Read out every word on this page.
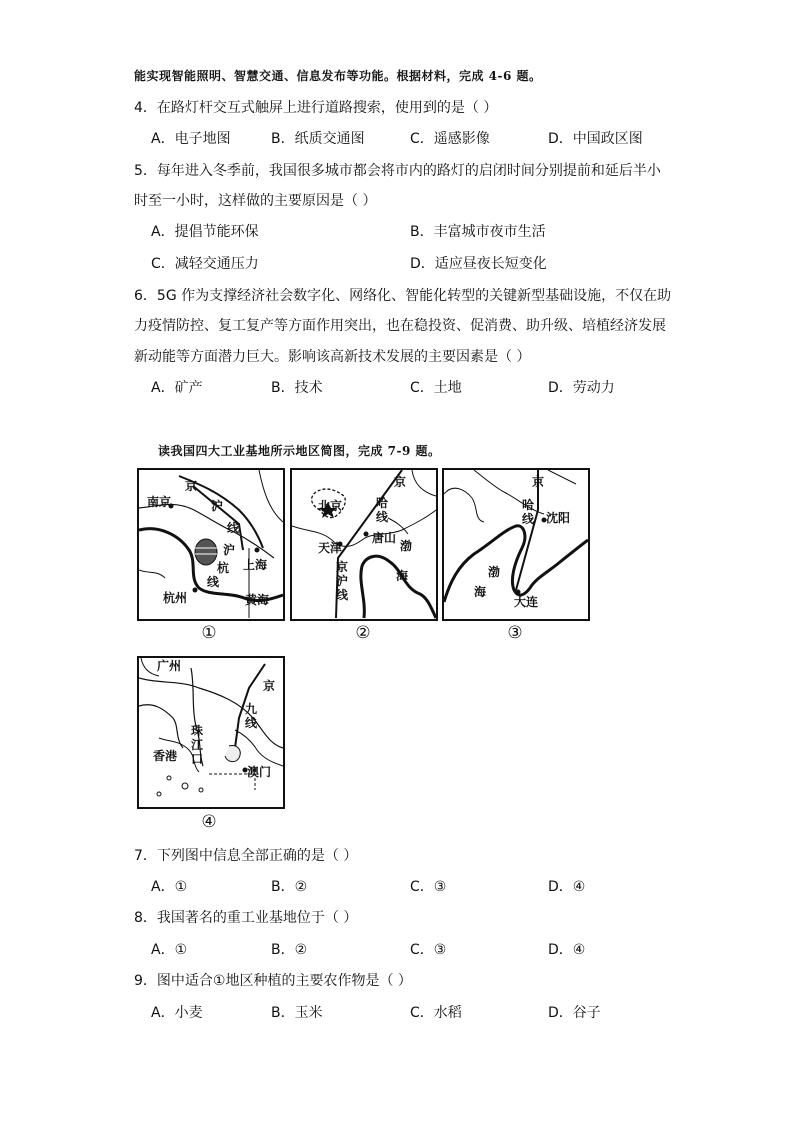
能实现智能照明、智慧交通、信息发布等功能。根据材料，完成 4-6 题。
4．在路灯杆交互式触屏上进行道路搜索，使用到的是（ ）
A．电子地图	B．纸质交通图	C．遥感影像	D．中国政区图
5．每年进入冬季前，我国很多城市都会将市内的路灯的启闭时间分别提前和延后半小
时至一小时，这样做的主要原因是（ ）
A．提倡节能环保	B．丰富城市夜市生活
C．减轻交通压力	D．适应昼夜长短变化
6．5G 作为支撑经济社会数字化、网络化、智能化转型的关键新型基础设施，不仅在助
力疫情防控、复工复产等方面作用突出，也在稳投资、促消费、助升级、培植经济发展
新动能等方面潜力巨大。影响该高新技术发展的主要因素是（ ）
A．矿产	B．技术	C．土地	D．劳动力
读我国四大工业基地所示地区简图，完成 7-9 题。
南京
京
沪
线
沪
杭
线
上海
杭州	黄海
①
京
北京	哈线
天津
唐山
渤
海
京沪线
②
京
哈线 沈阳
渤
海
大连
③
广州
京
九线
珠江口
香港
澳门
④
7．下列图中信息全部正确的是（ ）
A．①	B．②	C．③	D．④
8．我国著名的重工业基地位于（ ）
A．①	B．②	C．③	D．④
9．图中适合①地区种植的主要农作物是（ ）
A．小麦	B．玉米	C．水稻	D．谷子
